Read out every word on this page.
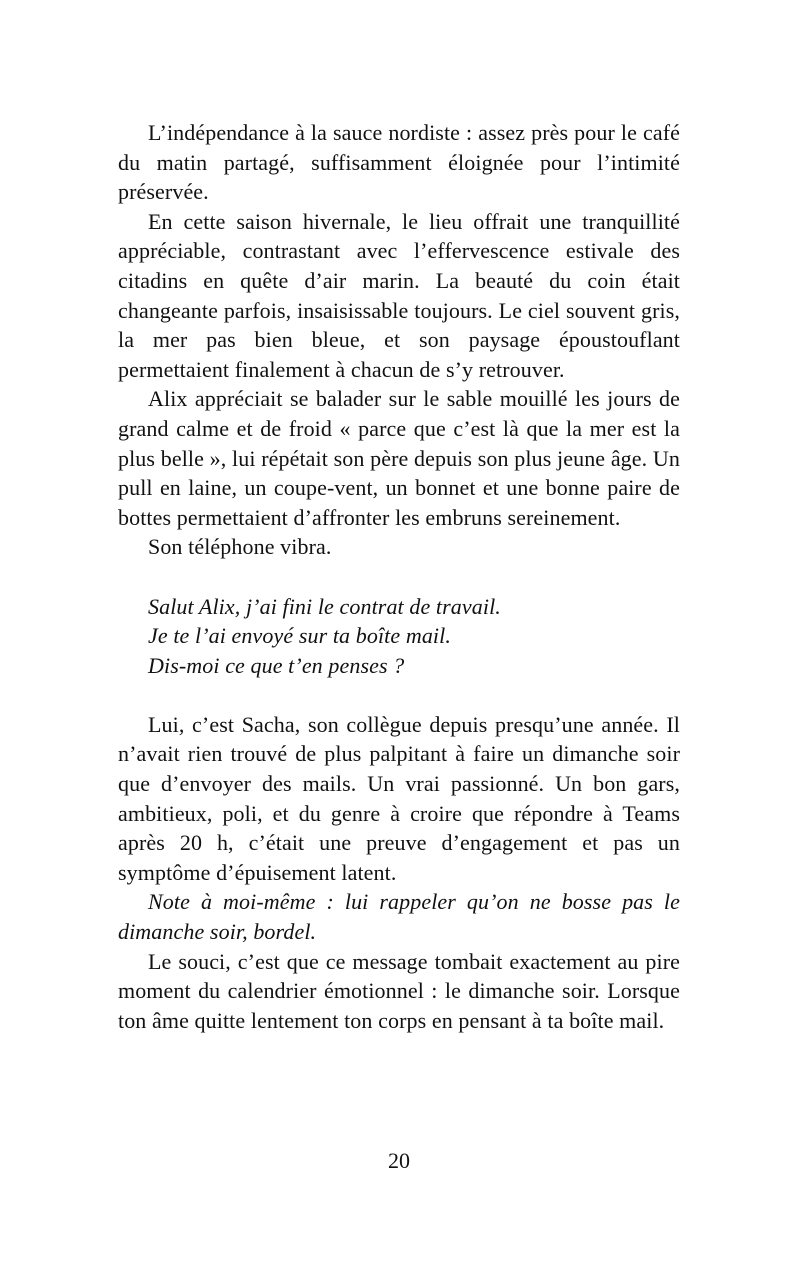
L’indépendance à la sauce nordiste : assez près pour le café du matin partagé, suffisamment éloignée pour l’intimité préservée.

En cette saison hivernale, le lieu offrait une tranquillité appréciable, contrastant avec l’effervescence estivale des citadins en quête d’air marin. La beauté du coin était changeante parfois, insaisissable toujours. Le ciel souvent gris, la mer pas bien bleue, et son paysage époustouflant permettaient finalement à chacun de s’y retrouver.

Alix appréciait se balader sur le sable mouillé les jours de grand calme et de froid « parce que c’est là que la mer est la plus belle », lui répétait son père depuis son plus jeune âge. Un pull en laine, un coupe-vent, un bonnet et une bonne paire de bottes permettaient d’affronter les embruns sereinement.

Son téléphone vibra.

Salut Alix, j’ai fini le contrat de travail.
Je te l’ai envoyé sur ta boîte mail.
Dis-moi ce que t’en penses ?

Lui, c’est Sacha, son collègue depuis presqu’une année. Il n’avait rien trouvé de plus palpitant à faire un dimanche soir que d’envoyer des mails. Un vrai passionné. Un bon gars, ambitieux, poli, et du genre à croire que répondre à Teams après 20 h, c’était une preuve d’engagement et pas un symptôme d’épuisement latent.

Note à moi-même : lui rappeler qu’on ne bosse pas le dimanche soir, bordel.

Le souci, c’est que ce message tombait exactement au pire moment du calendrier émotionnel : le dimanche soir. Lorsque ton âme quitte lentement ton corps en pensant à ta boîte mail.

20
